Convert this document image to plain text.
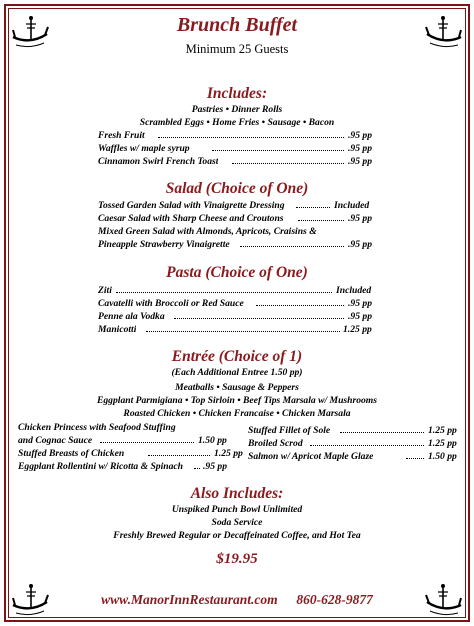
Brunch Buffet
Minimum 25 Guests
Includes:
Pastries • Dinner Rolls
Scrambled Eggs • Home Fries • Sausage • Bacon
Fresh Fruit	.95 pp
Waffles w/ maple syrup	.95 pp
Cinnamon Swirl French Toast	.95 pp
Salad (Choice of One)
Tossed Garden Salad with Vinaigrette Dressing	Included
Caesar Salad with Sharp Cheese and Croutons	.95 pp
Mixed Green Salad with Almonds, Apricots, Craisins &
Pineapple Strawberry Vinaigrette	.95 pp
Pasta (Choice of One)
Ziti	Included
Cavatelli with Broccoli or Red Sauce	.95 pp
Penne ala Vodka	.95 pp
Manicotti	1.25 pp
Entrée (Choice of 1)
(Each Additional Entree 1.50 pp)
Meatballs • Sausage & Peppers
Eggplant Parmigiana • Top Sirloin • Beef Tips Marsala w/ Mushrooms
Roasted Chicken • Chicken Francaise • Chicken Marsala
Chicken Princess with Seafood Stuffing
and Cognac Sauce	1.50 pp
Stuffed Breasts of Chicken	1.25 pp
Eggplant Rollentini w/ Ricotta & Spinach .95 pp
Stuffed Fillet of Sole	1.25 pp
Broiled Scrod	1.25 pp
Salmon w/ Apricot Maple Glaze	1.50 pp
Also Includes:
Unspiked Punch Bowl Unlimited
Soda Service
Freshly Brewed Regular or Decaffeinated Coffee, and Hot Tea
$19.95
www.ManorInnRestaurant.com 860-628-9877
